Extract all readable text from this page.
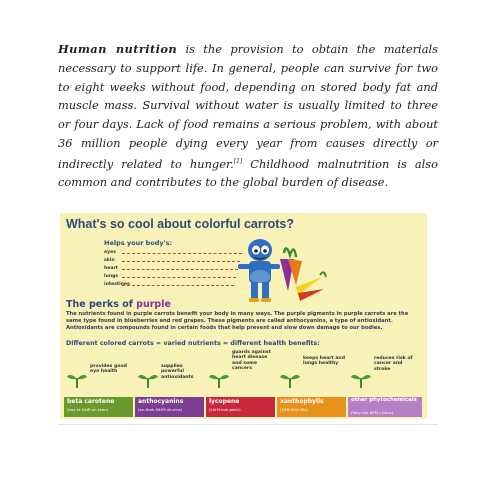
Human nutrition is the provision to obtain the materials necessary to support life. In general, people can survive for two to eight weeks without food, depending on stored body fat and muscle mass. Survival without water is usually limited to three or four days. Lack of food remains a serious problem, with about 36 million people dying every year from causes directly or indirectly related to hunger.[1] Childhood malnutrition is also common and contributes to the global burden of disease.

What's so cool about colorful carrots?
Helps your body's:
eyes
skin
heart
lungs
intestines
The perks of purple
The nutrients found in purple carrots benefit your body in many ways. The purple pigments in purple carrots are the same type found in blueberries and red grapes. These pigments are called anthocyanins, a type of antioxidant. Antioxidants are compounds found in certain foods that help prevent and slow down damage to our bodies.
Different colored carrots = varied nutrients = different health benefits:
provides good eye health
beta carotene
(bay-ta KAIR-oh-teen)
supplies powerful antioxidants
anthocyanins
(an-thoh-SAHY-uh-nins)
guards against heart disease and some cancers
lycopene
(LAHY-kuh-peen)
keeps heart and lungs healthy
xanthophylls
(ZAN-thuh-fils)
reduces risk of cancer and stroke
other phytochemicals
(fahy-toh-KEM-i-kuhls)
